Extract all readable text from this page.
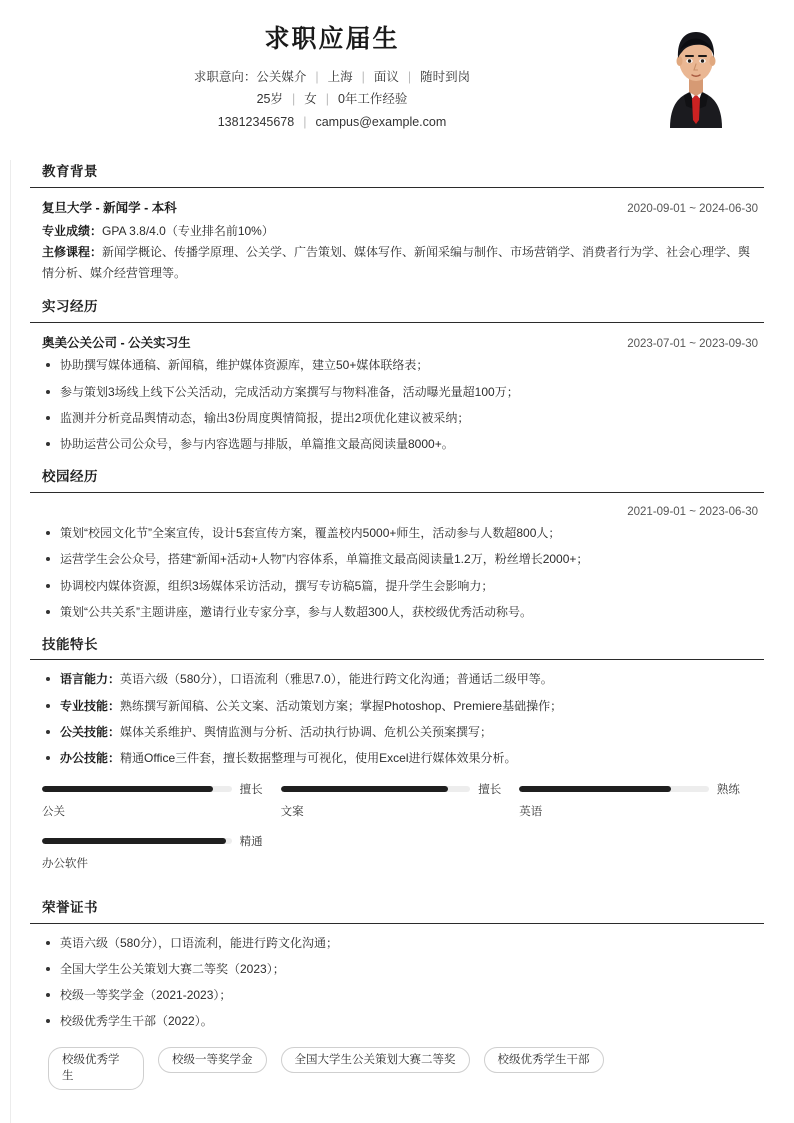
求职应届生
求职意向：公关媒介 | 上海 | 面议 | 随时到岗
25岁 | 女 | 0年工作经验
13812345678 | campus@example.com
教育背景
复旦大学 - 新闻学 - 本科	2020-09-01 ~ 2024-06-30
专业成绩：GPA 3.8/4.0（专业排名前10%）
主修课程：新闻学概论、传播学原理、公关学、广告策划、媒体写作、新闻采编与制作、市场营销学、消费者行为学、社会心理学、舆情分析、媒介经营管理等。
实习经历
奥美公关公司 - 公关实习生	2023-07-01 ~ 2023-09-30
协助撰写媒体通稿、新闻稿，维护媒体资源库，建立50+媒体联络表；
参与策划3场线上线下公关活动，完成活动方案撰写与物料准备，活动曝光量超100万；
监测并分析竞品舆情动态，输出3份周度舆情简报，提出2项优化建议被采纳；
协助运营公司公众号，参与内容选题与排版，单篇推文最高阅读量8000+。
校园经历
2021-09-01 ~ 2023-06-30
策划“校园文化节”全案宣传，设计5套宣传方案，覆盖校内5000+师生，活动参与人数超800人；
运营学生会公众号，搭建“新闻+活动+人物”内容体系，单篇推文最高阅读量1.2万，粉丝增长2000+；
协调校内媒体资源，组织3场媒体采访活动，撰写专访稿5篇，提升学生会影响力；
策划“公共关系”主题讲座，邀请行业专家分享，参与人数超300人，获校级优秀活动称号。
技能特长
语言能力：英语六级（580分），口语流利（雅思7.0），能进行跨文化沟通；普通话二级甲等。
专业技能：熟练撰写新闻稿、公关文案、活动策划方案；掌握Photoshop、Premiere基础操作；
公关技能：媒体关系维护、舆情监测与分析、活动执行协调、危机公关预案撰写；
办公技能：精通Office三件套，擅长数据整理与可视化，使用Excel进行媒体效果分析。
擅长
公关
擅长
文案
熟练
英语
精通
办公软件
荣誉证书
英语六级（580分），口语流利，能进行跨文化沟通；
全国大学生公关策划大赛二等奖（2023）；
校级一等奖学金（2021-2023）；
校级优秀学生干部（2022）。
校级优秀学生
校级一等奖学金	全国大学生公关策划大赛二等奖	校级优秀学生干部
